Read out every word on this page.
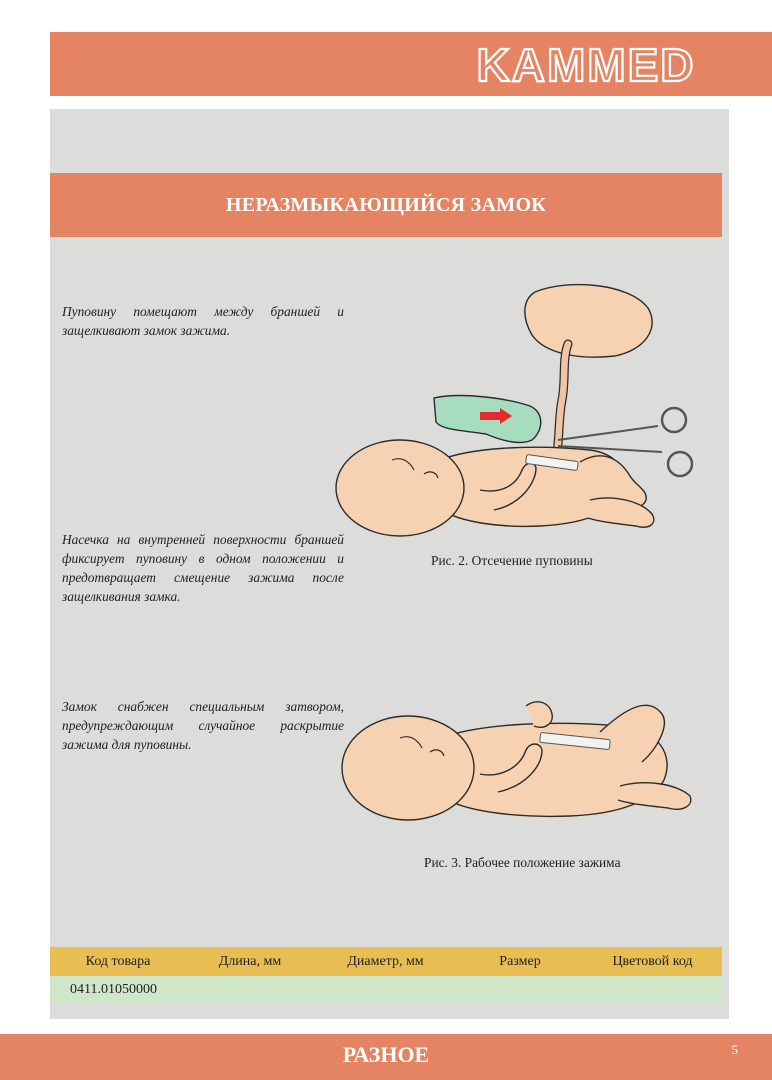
KAMMED
НЕРАЗМЫКАЮЩИЙСЯ ЗАМОК

Пуповину помещают между браншей и защелкивают замок зажима.

Насечка на внутренней поверхности браншей фиксирует пуповину в одном положении и предотвращает смещение зажима после защелкивания замка.

Замок снабжен специальным затвором, предупреждающим случайное раскрытие зажима для пуповины.

Рис. 2. Отсечение пуповины
Рис. 3. Рабочее положение зажима
Код товара	Длина, мм	Диаметр, мм	Размер	Цветовой код
0411.01050000
РАЗНОЕ	5
